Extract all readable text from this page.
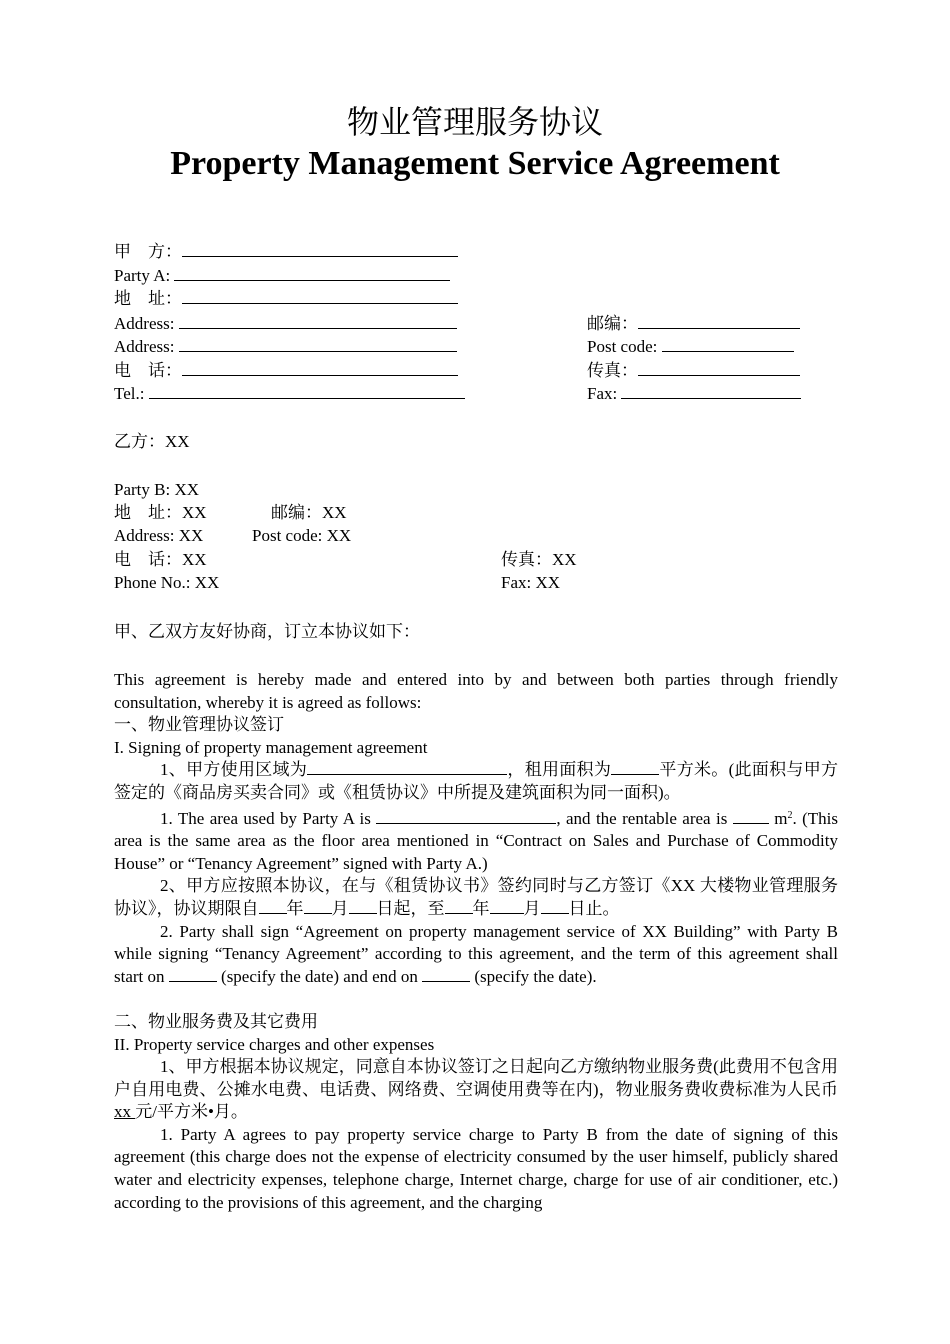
物业管理服务协议
Property Management Service Agreement
甲　方：
Party A:
地　址：
Address:	邮编：
Address:	Post code:
电　话：	传真：
Tel.:	Fax:
乙方：XX
Party B: XX
地　址：XX	邮编：XX
Address: XX	Post code: XX
电　话：XX	传真：XX
Phone No.: XX	Fax: XX
甲、乙双方友好协商，订立本协议如下：
This agreement is hereby made and entered into by and between both parties through friendly consultation, whereby it is agreed as follows:
一、物业管理协议签订
I. Signing of property management agreement
1、甲方使用区域为	，租用面积为	平方米。(此面积与甲方签定的《商品房买卖合同》或《租赁协议》中所提及建筑面积为同一面积)。
1. The area used by Party A is	, and the rentable area is	$m^2$. (This area is the same area as the floor area mentioned in “Contract on Sales and Purchase of Commodity House” or “Tenancy Agreement” signed with Party A.)
2、甲方应按照本协议，在与《租赁协议书》签约同时与乙方签订《XX 大楼物业管理服务协议》，协议期限自 年 月 日起，至 年 月 日止。
2. Party shall sign “Agreement on property management service of XX Building” with Party B while signing “Tenancy Agreement” according to this agreement, and the term of this agreement shall start on	(specify the date) and end on	(specify the date).
二、物业服务费及其它费用
II. Property service charges and other expenses
1、甲方根据本协议规定，同意自本协议签订之日起向乙方缴纳物业服务费(此费用不包含用户自用电费、公摊水电费、电话费、网络费、空调使用费等在内)，物业服务费收费标准为人民币 xx 元/平方米•月。
1. Party A agrees to pay property service charge to Party B from the date of signing of this agreement (this charge does not the expense of electricity consumed by the user himself, publicly shared water and electricity expenses, telephone charge, Internet charge, charge for use of air conditioner, etc.) according to the provisions of this agreement, and the charging
